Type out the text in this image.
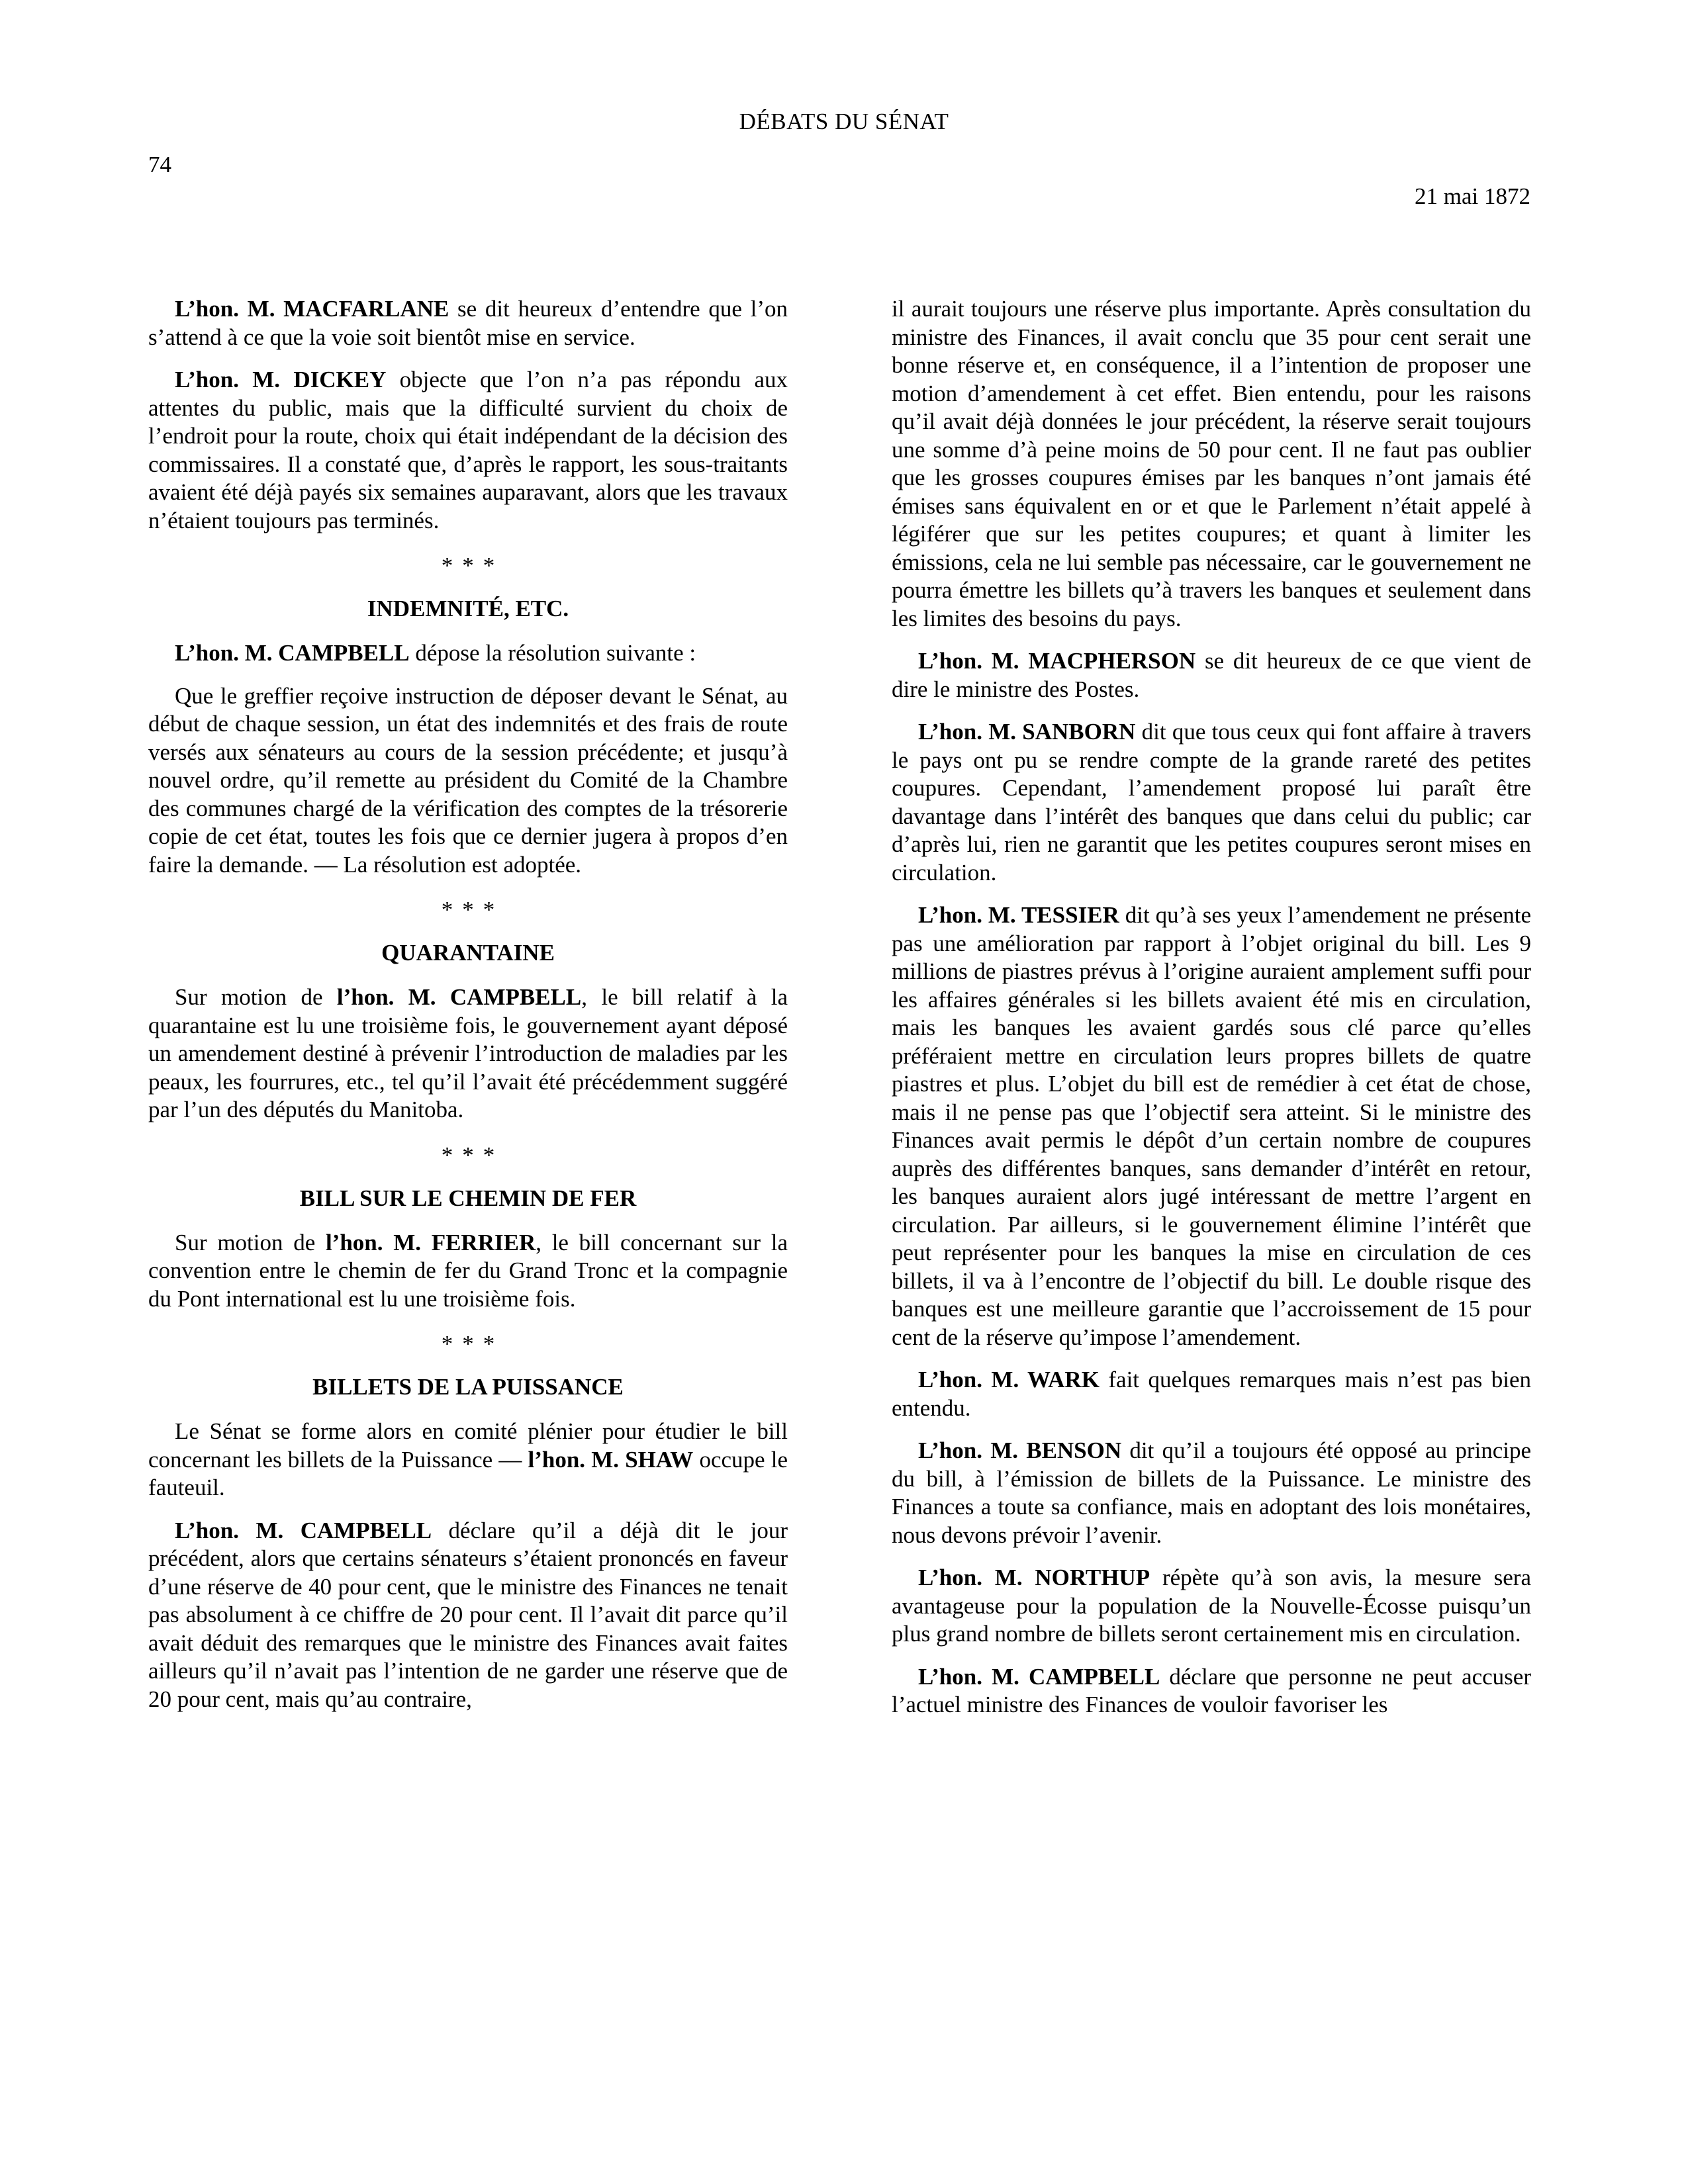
DÉBATS DU SÉNAT
74
21 mai 1872

L’hon. M. MACFARLANE se dit heureux d’entendre que l’on s’attend à ce que la voie soit bientôt mise en service.

L’hon. M. DICKEY objecte que l’on n’a pas répondu aux attentes du public, mais que la difficulté survient du choix de l’endroit pour la route, choix qui était indépendant de la décision des commissaires. Il a constaté que, d’après le rapport, les sous-traitants avaient été déjà payés six semaines auparavant, alors que les travaux n’étaient toujours pas terminés.

***
INDEMNITÉ, ETC.

L’hon. M. CAMPBELL dépose la résolution suivante :

Que le greffier reçoive instruction de déposer devant le Sénat, au début de chaque session, un état des indemnités et des frais de route versés aux sénateurs au cours de la session précédente; et jusqu’à nouvel ordre, qu’il remette au président du Comité de la Chambre des communes chargé de la vérification des comptes de la trésorerie copie de cet état, toutes les fois que ce dernier jugera à propos d’en faire la demande. — La résolution est adoptée.

***
QUARANTAINE

Sur motion de l’hon. M. CAMPBELL, le bill relatif à la quarantaine est lu une troisième fois, le gouvernement ayant déposé un amendement destiné à prévenir l’introduction de maladies par les peaux, les fourrures, etc., tel qu’il l’avait été précédemment suggéré par l’un des députés du Manitoba.

***
BILL SUR LE CHEMIN DE FER

Sur motion de l’hon. M. FERRIER, le bill concernant sur la convention entre le chemin de fer du Grand Tronc et la compagnie du Pont international est lu une troisième fois.

***
BILLETS DE LA PUISSANCE

Le Sénat se forme alors en comité plénier pour étudier le bill concernant les billets de la Puissance — l’hon. M. SHAW occupe le fauteuil.

L’hon. M. CAMPBELL déclare qu’il a déjà dit le jour précédent, alors que certains sénateurs s’étaient prononcés en faveur d’une réserve de 40 pour cent, que le ministre des Finances ne tenait pas absolument à ce chiffre de 20 pour cent. Il l’avait dit parce qu’il avait déduit des remarques que le ministre des Finances avait faites ailleurs qu’il n’avait pas l’intention de ne garder une réserve que de 20 pour cent, mais qu’au contraire,

il aurait toujours une réserve plus importante. Après consultation du ministre des Finances, il avait conclu que 35 pour cent serait une bonne réserve et, en conséquence, il a l’intention de proposer une motion d’amendement à cet effet. Bien entendu, pour les raisons qu’il avait déjà données le jour précédent, la réserve serait toujours une somme d’à peine moins de 50 pour cent. Il ne faut pas oublier que les grosses coupures émises par les banques n’ont jamais été émises sans équivalent en or et que le Parlement n’était appelé à légiférer que sur les petites coupures; et quant à limiter les émissions, cela ne lui semble pas nécessaire, car le gouvernement ne pourra émettre les billets qu’à travers les banques et seulement dans les limites des besoins du pays.

L’hon. M. MACPHERSON se dit heureux de ce que vient de dire le ministre des Postes.

L’hon. M. SANBORN dit que tous ceux qui font affaire à travers le pays ont pu se rendre compte de la grande rareté des petites coupures. Cependant, l’amendement proposé lui paraît être davantage dans l’intérêt des banques que dans celui du public; car d’après lui, rien ne garantit que les petites coupures seront mises en circulation.

L’hon. M. TESSIER dit qu’à ses yeux l’amendement ne présente pas une amélioration par rapport à l’objet original du bill. Les 9 millions de piastres prévus à l’origine auraient amplement suffi pour les affaires générales si les billets avaient été mis en circulation, mais les banques les avaient gardés sous clé parce qu’elles préféraient mettre en circulation leurs propres billets de quatre piastres et plus. L’objet du bill est de remédier à cet état de chose, mais il ne pense pas que l’objectif sera atteint. Si le ministre des Finances avait permis le dépôt d’un certain nombre de coupures auprès des différentes banques, sans demander d’intérêt en retour, les banques auraient alors jugé intéressant de mettre l’argent en circulation. Par ailleurs, si le gouvernement élimine l’intérêt que peut représenter pour les banques la mise en circulation de ces billets, il va à l’encontre de l’objectif du bill. Le double risque des banques est une meilleure garantie que l’accroissement de 15 pour cent de la réserve qu’impose l’amendement.

L’hon. M. WARK fait quelques remarques mais n’est pas bien entendu.

L’hon. M. BENSON dit qu’il a toujours été opposé au principe du bill, à l’émission de billets de la Puissance. Le ministre des Finances a toute sa confiance, mais en adoptant des lois monétaires, nous devons prévoir l’avenir.

L’hon. M. NORTHUP répète qu’à son avis, la mesure sera avantageuse pour la population de la Nouvelle-Écosse puisqu’un plus grand nombre de billets seront certainement mis en circulation.

L’hon. M. CAMPBELL déclare que personne ne peut accuser l’actuel ministre des Finances de vouloir favoriser les
